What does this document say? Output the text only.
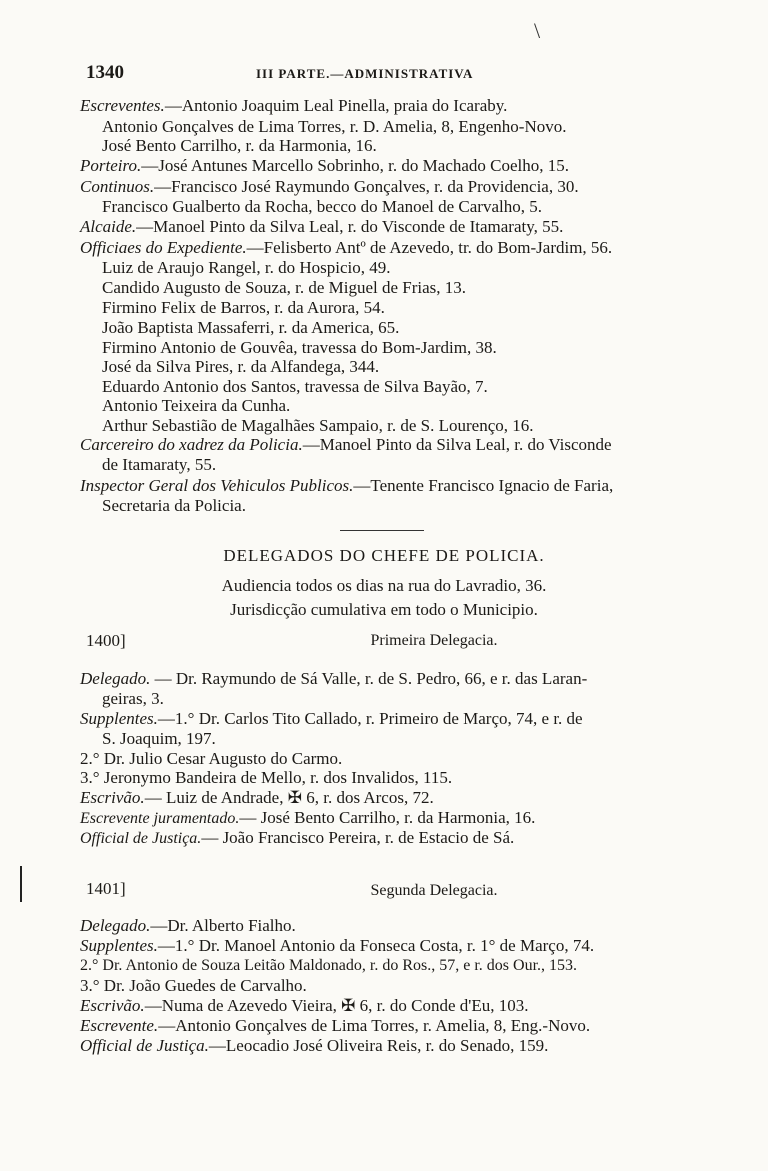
\
1340	III PARTE.—ADMINISTRATIVA
Escreventes.—Antonio Joaquim Leal Pinella, praia do Icaraby.
Antonio Gonçalves de Lima Torres, r. D. Amelia, 8, Engenho-Novo.
José Bento Carrilho, r. da Harmonia, 16.
Porteiro.—José Antunes Marcello Sobrinho, r. do Machado Coelho, 15.
Continuos.—Francisco José Raymundo Gonçalves, r. da Providencia, 30.
Francisco Gualberto da Rocha, becco do Manoel de Carvalho, 5.
Alcaide.—Manoel Pinto da Silva Leal, r. do Visconde de Itamaraty, 55.
Officiaes do Expediente.—Felisberto Antº de Azevedo, tr. do Bom-Jardim, 56.
Luiz de Araujo Rangel, r. do Hospicio, 49.
Candido Augusto de Souza, r. de Miguel de Frias, 13.
Firmino Felix de Barros, r. da Aurora, 54.
João Baptista Massaferri, r. da America, 65.
Firmino Antonio de Gouvêa, travessa do Bom-Jardim, 38.
José da Silva Pires, r. da Alfandega, 344.
Eduardo Antonio dos Santos, travessa de Silva Bayão, 7.
Antonio Teixeira da Cunha.
Arthur Sebastião de Magalhães Sampaio, r. de S. Lourenço, 16.
Carcereiro do xadrez da Policia.—Manoel Pinto da Silva Leal, r. do Visconde
de Itamaraty, 55.
Inspector Geral dos Vehiculos Publicos.—Tenente Francisco Ignacio de Faria,
Secretaria da Policia.
DELEGADOS DO CHEFE DE POLICIA.
Audiencia todos os dias na rua do Lavradio, 36.
Jurisdicção cumulativa em todo o Municipio.
1400]	Primeira Delegacia.
Delegado. — Dr. Raymundo de Sá Valle, r. de S. Pedro, 66, e r. das Laran-
geiras, 3.
Supplentes.—1.° Dr. Carlos Tito Callado, r. Primeiro de Março, 74, e r. de
S. Joaquim, 197.
2.° Dr. Julio Cesar Augusto do Carmo.
3.° Jeronymo Bandeira de Mello, r. dos Invalidos, 115.
Escrivão.— Luiz de Andrade, ✠ 6, r. dos Arcos, 72.
Escrevente juramentado.— José Bento Carrilho, r. da Harmonia, 16.
Official de Justiça.— João Francisco Pereira, r. de Estacio de Sá.
1401]	Segunda Delegacia.
Delegado.—Dr. Alberto Fialho.
Supplentes.—1.° Dr. Manoel Antonio da Fonseca Costa, r. 1° de Março, 74.
2.° Dr. Antonio de Souza Leitão Maldonado, r. do Ros., 57, e r. dos Our., 153.
3.° Dr. João Guedes de Carvalho.
Escrivão.—Numa de Azevedo Vieira, ✠ 6, r. do Conde d'Eu, 103.
Escrevente.—Antonio Gonçalves de Lima Torres, r. Amelia, 8, Eng.-Novo.
Official de Justiça.—Leocadio José Oliveira Reis, r. do Senado, 159.
